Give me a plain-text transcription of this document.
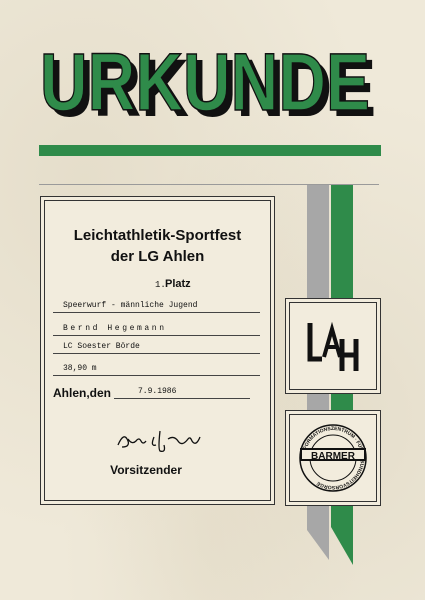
URKUNDE
URKUNDE
Leichtathletik-Sportfest
der LG Ahlen
1. Platz
Speerwurf - männliche Jugend
Bernd Hegemann
LC Soester Börde
38,90 m
Ahlen,den	7.9.1986
Vorsitzender
INFORMATIONSZENTRUM · FÜR GESUNDHEITSVORSORGE
BARMER
